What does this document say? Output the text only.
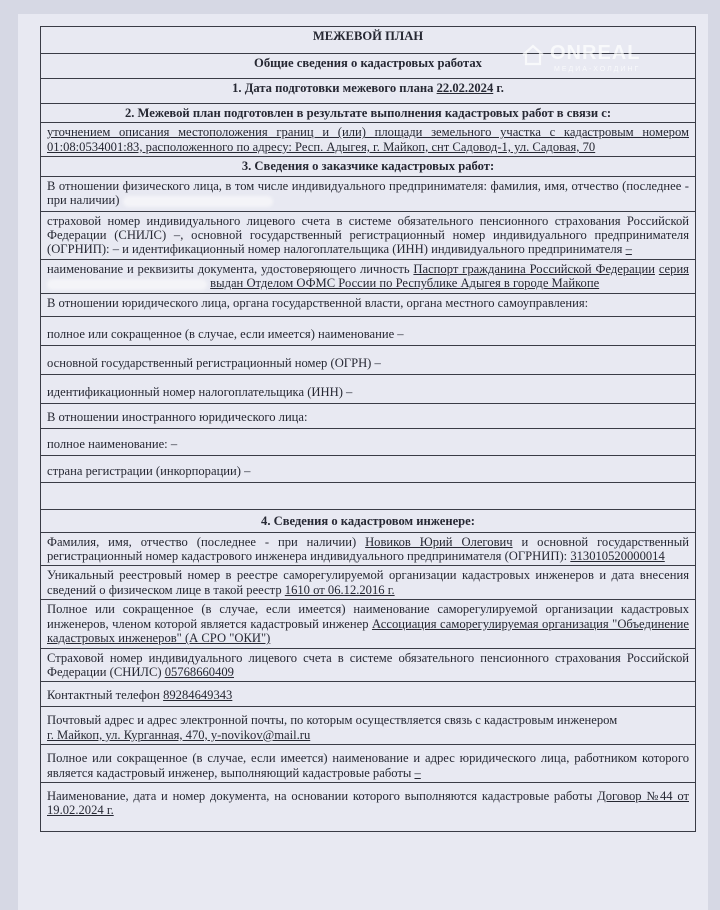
МЕЖЕВОЙ ПЛАН
Общие сведения о кадастровых работах
1. Дата подготовки межевого плана 22.02.2024 г.
2. Межевой план подготовлен в результате выполнения кадастровых работ в связи с:
уточнением описания местоположения границ и (или) площади земельного участка с кадастровым номером 01:08:0534001:83, расположенного по адресу: Респ. Адыгея, г. Майкоп, снт Садовод-1, ул. Садовая, 70
3. Сведения о заказчике кадастровых работ:
В отношении физического лица, в том числе индивидуального предпринимателя: фамилия, имя, отчество (последнее - при наличии)
страховой номер индивидуального лицевого счета в системе обязательного пенсионного страхования Российской Федерации (СНИЛС) –, основной государственный регистрационный номер индивидуального предпринимателя (ОГРНИП): – и идентификационный номер налогоплательщика (ИНН) индивидуального предпринимателя –
наименование и реквизиты документа, удостоверяющего личность Паспорт гражданина Российской Федерации серия  выдан Отделом ОФМС России по Республике Адыгея в городе Майкопе
В отношении юридического лица, органа государственной власти, органа местного самоуправления:
полное или сокращенное (в случае, если имеется) наименование –
основной государственный регистрационный номер (ОГРН) –
идентификационный номер налогоплательщика (ИНН) –
В отношении иностранного юридического лица:
полное наименование: –
страна регистрации (инкорпорации) –

4. Сведения о кадастровом инженере:
Фамилия, имя, отчество (последнее - при наличии) Новиков Юрий Олегович и основной государственный регистрационный номер кадастрового инженера индивидуального предпринимателя (ОГРНИП): 313010520000014
Уникальный реестровый номер в реестре саморегулируемой организации кадастровых инженеров и дата внесения сведений о физическом лице в такой реестр 1610 от 06.12.2016 г.
Полное или сокращенное (в случае, если имеется) наименование саморегулируемой организации кадастровых инженеров, членом которой является кадастровый инженер Ассоциация саморегулируемая организация "Объединение кадастровых инженеров" (А СРО "ОКИ")
Страховой номер индивидуального лицевого счета в системе обязательного пенсионного страхования Российской Федерации (СНИЛС) 05768660409
Контактный телефон 89284649343
Почтовый адрес и адрес электронной почты, по которым осуществляется связь с кадастровым инженером
г. Майкоп, ул. Курганная, 470, y-novikov@mail.ru
Полное или сокращенное (в случае, если имеется) наименование и адрес юридического лица, работником которого является кадастровый инженер, выполняющий кадастровые работы –
Наименование, дата и номер документа, на основании которого выполняются кадастровые работы Договор №44 от 19.02.2024 г.
ONREAL
МЕДИА-ХОЛДИНГ
